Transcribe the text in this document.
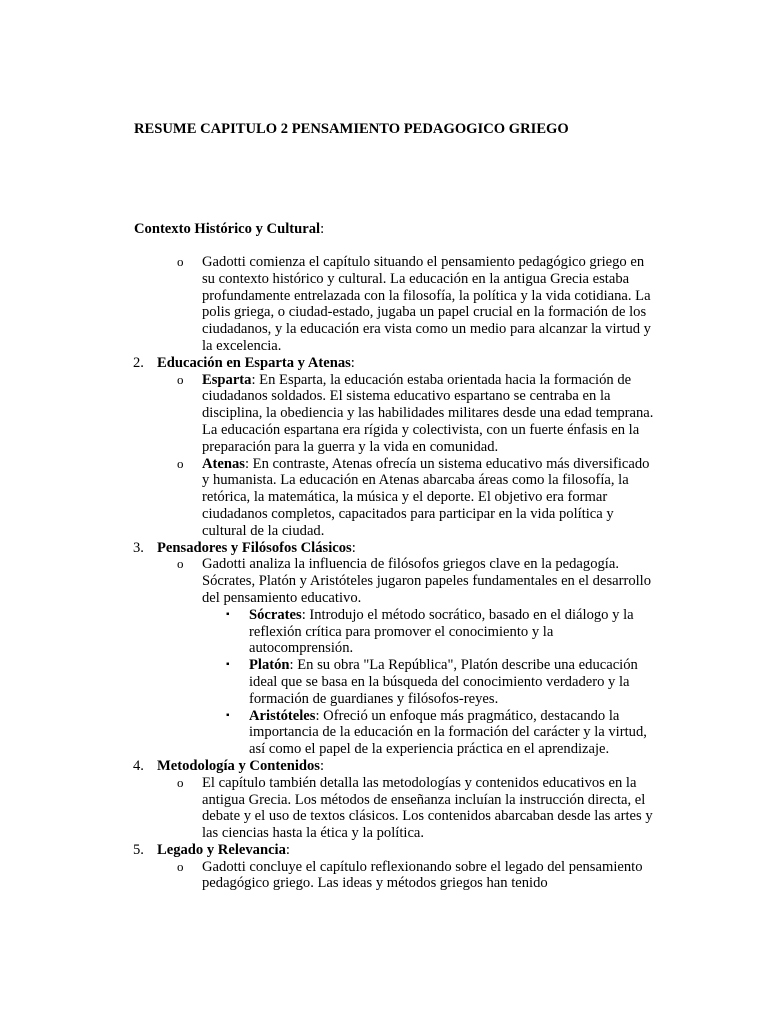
RESUME CAPITULO 2 PENSAMIENTO PEDAGOGICO GRIEGO
Contexto Histórico y Cultural:
o Gadotti comienza el capítulo situando el pensamiento pedagógico griego en su contexto histórico y cultural. La educación en la antigua Grecia estaba profundamente entrelazada con la filosofía, la política y la vida cotidiana. La polis griega, o ciudad-estado, jugaba un papel crucial en la formación de los ciudadanos, y la educación era vista como un medio para alcanzar la virtud y la excelencia.
2. Educación en Esparta y Atenas:
o Esparta: En Esparta, la educación estaba orientada hacia la formación de ciudadanos soldados. El sistema educativo espartano se centraba en la disciplina, la obediencia y las habilidades militares desde una edad temprana. La educación espartana era rígida y colectivista, con un fuerte énfasis en la preparación para la guerra y la vida en comunidad.
o Atenas: En contraste, Atenas ofrecía un sistema educativo más diversificado y humanista. La educación en Atenas abarcaba áreas como la filosofía, la retórica, la matemática, la música y el deporte. El objetivo era formar ciudadanos completos, capacitados para participar en la vida política y cultural de la ciudad.
3. Pensadores y Filósofos Clásicos:
o Gadotti analiza la influencia de filósofos griegos clave en la pedagogía. Sócrates, Platón y Aristóteles jugaron papeles fundamentales en el desarrollo del pensamiento educativo.
▪ Sócrates: Introdujo el método socrático, basado en el diálogo y la reflexión crítica para promover el conocimiento y la autocomprensión.
▪ Platón: En su obra "La República", Platón describe una educación ideal que se basa en la búsqueda del conocimiento verdadero y la formación de guardianes y filósofos-reyes.
▪ Aristóteles: Ofreció un enfoque más pragmático, destacando la importancia de la educación en la formación del carácter y la virtud, así como el papel de la experiencia práctica en el aprendizaje.
4. Metodología y Contenidos:
o El capítulo también detalla las metodologías y contenidos educativos en la antigua Grecia. Los métodos de enseñanza incluían la instrucción directa, el debate y el uso de textos clásicos. Los contenidos abarcaban desde las artes y las ciencias hasta la ética y la política.
5. Legado y Relevancia:
o Gadotti concluye el capítulo reflexionando sobre el legado del pensamiento pedagógico griego. Las ideas y métodos griegos han tenido
